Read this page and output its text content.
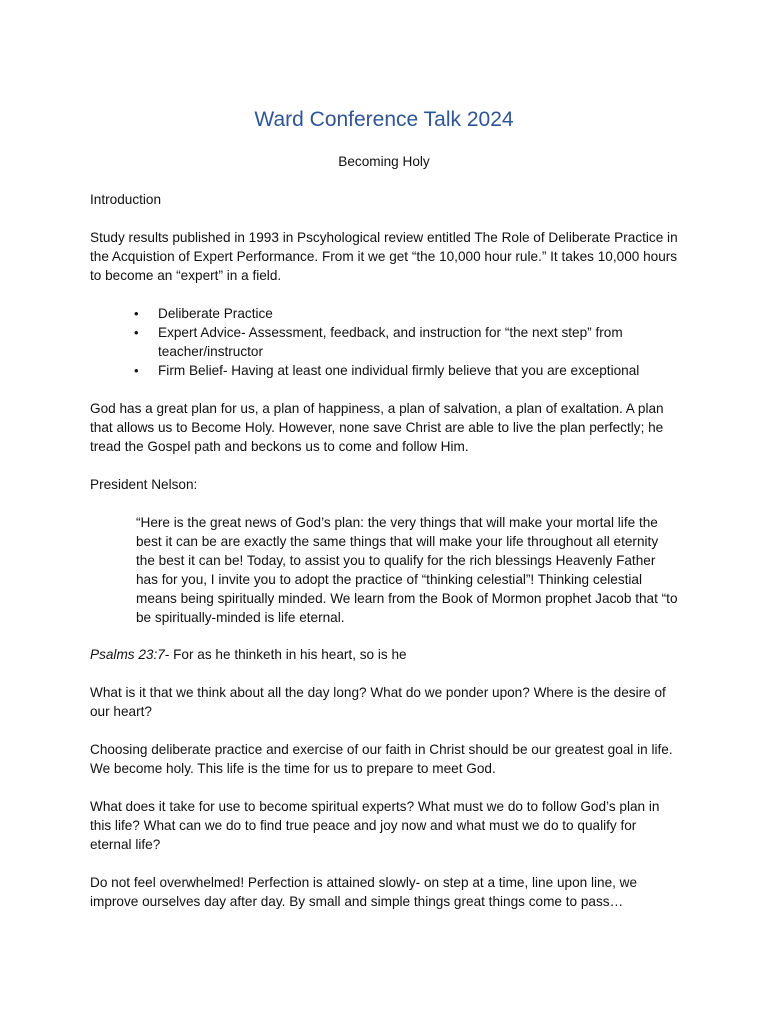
Ward Conference Talk 2024
Becoming Holy

Introduction

Study results published in 1993 in Pscyhological review entitled The Role of Deliberate Practice in the Acquistion of Expert Performance. From it we get “the 10,000 hour rule.” It takes 10,000 hours to become an “expert” in a field.

• Deliberate Practice
• Expert Advice- Assessment, feedback, and instruction for “the next step” from teacher/instructor
• Firm Belief- Having at least one individual firmly believe that you are exceptional

God has a great plan for us, a plan of happiness, a plan of salvation, a plan of exaltation. A plan that allows us to Become Holy. However, none save Christ are able to live the plan perfectly; he tread the Gospel path and beckons us to come and follow Him.

President Nelson:

“Here is the great news of God’s plan: the very things that will make your mortal life the best it can be are exactly the same things that will make your life throughout all eternity the best it can be! Today, to assist you to qualify for the rich blessings Heavenly Father has for you, I invite you to adopt the practice of “thinking celestial”! Thinking celestial means being spiritually minded. We learn from the Book of Mormon prophet Jacob that “to be spiritually-minded is life eternal.

Psalms 23:7- For as he thinketh in his heart, so is he

What is it that we think about all the day long? What do we ponder upon? Where is the desire of our heart?

Choosing deliberate practice and exercise of our faith in Christ should be our greatest goal in life. We become holy. This life is the time for us to prepare to meet God.

What does it take for use to become spiritual experts? What must we do to follow God’s plan in this life? What can we do to find true peace and joy now and what must we do to qualify for eternal life?

Do not feel overwhelmed! Perfection is attained slowly- on step at a time, line upon line, we improve ourselves day after day. By small and simple things great things come to pass…
